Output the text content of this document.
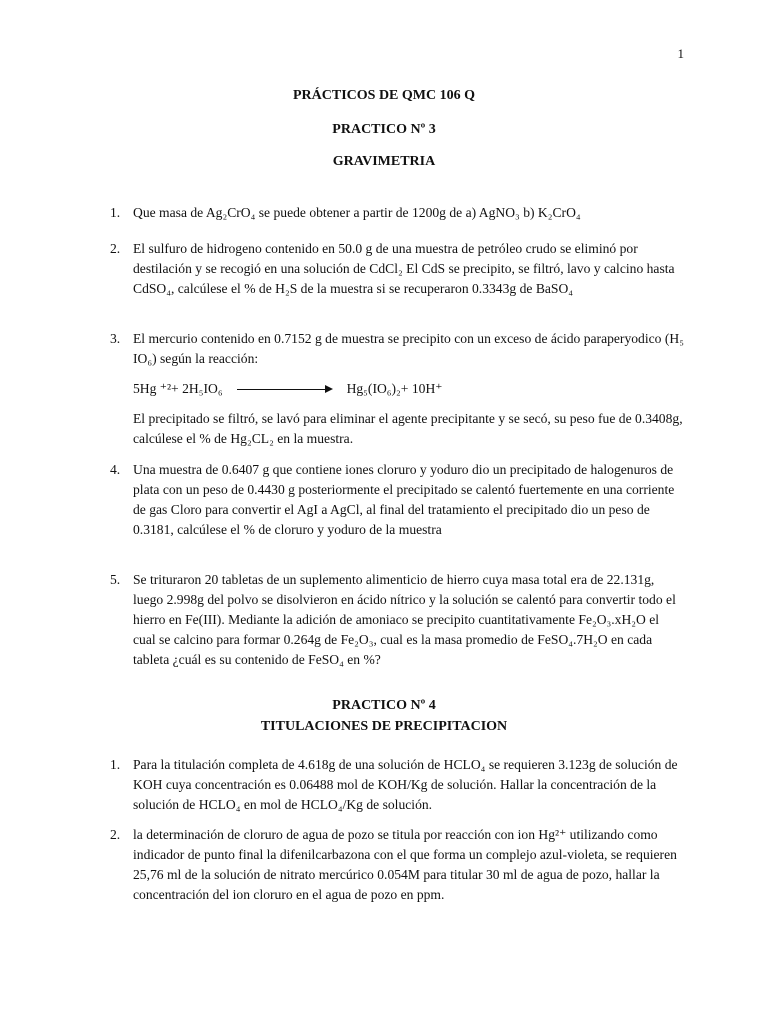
1
PRÁCTICOS DE QMC 106 Q
PRACTICO Nº 3
GRAVIMETRIA
1. Que masa de Ag₂CrO₄ se puede obtener a partir de 1200g de a) AgNO₃ b) K₂CrO₄

2. El sulfuro de hidrogeno contenido en 50.0 g de una muestra de petróleo crudo se eliminó por destilación y se recogió en una solución de CdCl₂ El CdS se precipito, se filtró, lavo y calcino hasta CdSO₄, calcúlese el % de H₂S de la muestra si se recuperaron 0.3343g de BaSO₄

3. El mercurio contenido en 0.7152 g de muestra se precipito con un exceso de ácido paraperyodico (H₅ IO₆) según la reacción:

5Hg ⁺²+ 2H₅IO₆	Hg₅(IO₆)₂+ 10H⁺

El precipitado se filtró, se lavó para eliminar el agente precipitante y se secó, su peso fue de 0.3408g, calcúlese el % de Hg₂CL₂ en la muestra.

4. Una muestra de 0.6407 g que contiene iones cloruro y yoduro dio un precipitado de halogenuros de plata con un peso de 0.4430 g posteriormente el precipitado se calentó fuertemente en una corriente de gas Cloro para convertir el AgI a AgCl, al final del tratamiento el precipitado dio un peso de 0.3181, calcúlese el % de cloruro y yoduro de la muestra

5. Se trituraron 20 tabletas de un suplemento alimenticio de hierro cuya masa total era de 22.131g, luego 2.998g del polvo se disolvieron en ácido nítrico y la solución se calentó para convertir todo el hierro en Fe(III). Mediante la adición de amoniaco se precipito cuantitativamente Fe₂O₃.xH₂O el cual se calcino para formar 0.264g de Fe₂O₃, cual es la masa promedio de FeSO₄.7H₂O en cada tableta ¿cuál es su contenido de FeSO₄ en %?

PRACTICO Nº 4
TITULACIONES DE PRECIPITACION
1. Para la titulación completa de 4.618g de una solución de HCLO₄ se requieren 3.123g de solución de KOH cuya concentración es 0.06488 mol de KOH/Kg de solución. Hallar la concentración de la solución de HCLO₄ en mol de HCLO₄/Kg de solución.

2. la determinación de cloruro de agua de pozo se titula por reacción con ion Hg²⁺ utilizando como indicador de punto final la difenilcarbazona con el que forma un complejo azul-violeta, se requieren 25,76 ml de la solución de nitrato mercúrico 0.054M para titular 30 ml de agua de pozo, hallar la concentración del ion cloruro en el agua de pozo en ppm.
